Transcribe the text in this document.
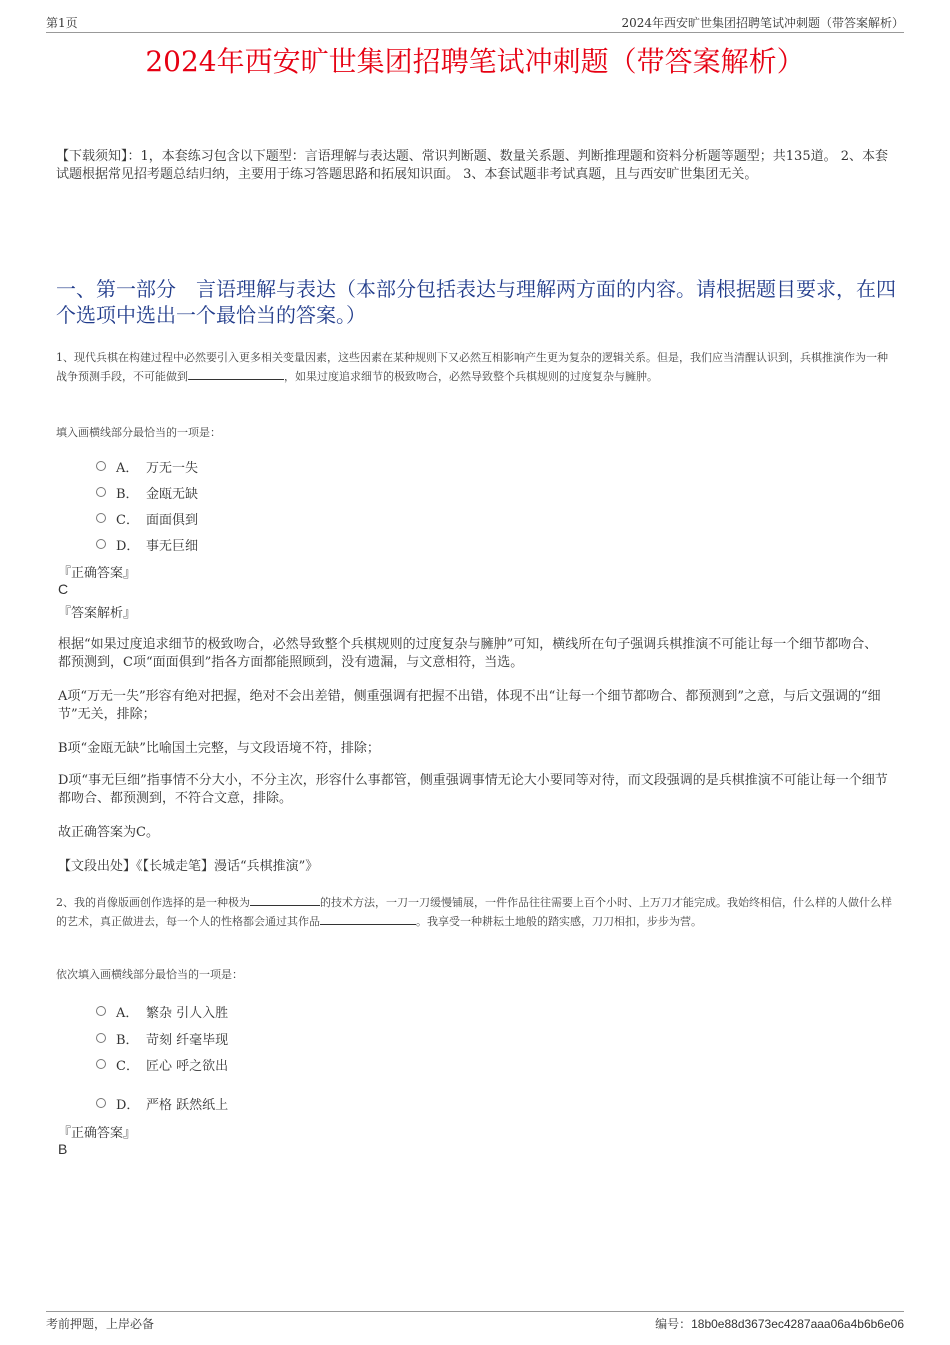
第1页	2024年西安旷世集团招聘笔试冲刺题（带答案解析）
2024年西安旷世集团招聘笔试冲刺题（带答案解析）
【下载须知】：1，本套练习包含以下题型：言语理解与表达题、常识判断题、数量关系题、判断推理题和资料分析题等题型；共135道。 2、本套试题根据常见招考题总结归纳，主要用于练习答题思路和拓展知识面。 3、本套试题非考试真题，且与西安旷世集团无关。
一、第一部分　言语理解与表达（本部分包括表达与理解两方面的内容。请根据题目要求，在四个选项中选出一个最恰当的答案。）
1、现代兵棋在构建过程中必然要引入更多相关变量因素，这些因素在某种规则下又必然互相影响产生更为复杂的逻辑关系。但是，我们应当清醒认识到，兵棋推演作为一种战争预测手段，不可能做到	，如果过度追求细节的极致吻合，必然导致整个兵棋规则的过度复杂与臃肿。
填入画横线部分最恰当的一项是：
A． 万无一失
B． 金瓯无缺
C． 面面俱到
D． 事无巨细
『正确答案』
C
『答案解析』
根据“如果过度追求细节的极致吻合，必然导致整个兵棋规则的过度复杂与臃肿”可知，横线所在句子强调兵棋推演不可能让每一个细节都吻合、都预测到，C项“面面俱到”指各方面都能照顾到，没有遗漏，与文意相符，当选。
A项“万无一失”形容有绝对把握，绝对不会出差错，侧重强调有把握不出错，体现不出“让每一个细节都吻合、都预测到”之意，与后文强调的“细节”无关，排除；
B项“金瓯无缺”比喻国土完整，与文段语境不符，排除；
D项“事无巨细”指事情不分大小，不分主次，形容什么事都管，侧重强调事情无论大小要同等对待，而文段强调的是兵棋推演不可能让每一个细节都吻合、都预测到，不符合文意，排除。
故正确答案为C。
【文段出处】《【长城走笔】漫话“兵棋推演”》
2、我的肖像版画创作选择的是一种极为	的技术方法，一刀一刀缓慢铺展，一件作品往往需要上百个小时、上万刀才能完成。我始终相信，什么样的人做什么样的艺术，真正做进去，每一个人的性格都会通过其作品	。我享受一种耕耘土地般的踏实感，刀刀相扣，步步为营。
依次填入画横线部分最恰当的一项是：
A． 繁杂 引人入胜
B． 苛刻 纤毫毕现
C． 匠心 呼之欲出
D． 严格 跃然纸上
『正确答案』
B
考前押题，上岸必备	编号：18b0e88d3673ec4287aaa06a4b6b6e06
